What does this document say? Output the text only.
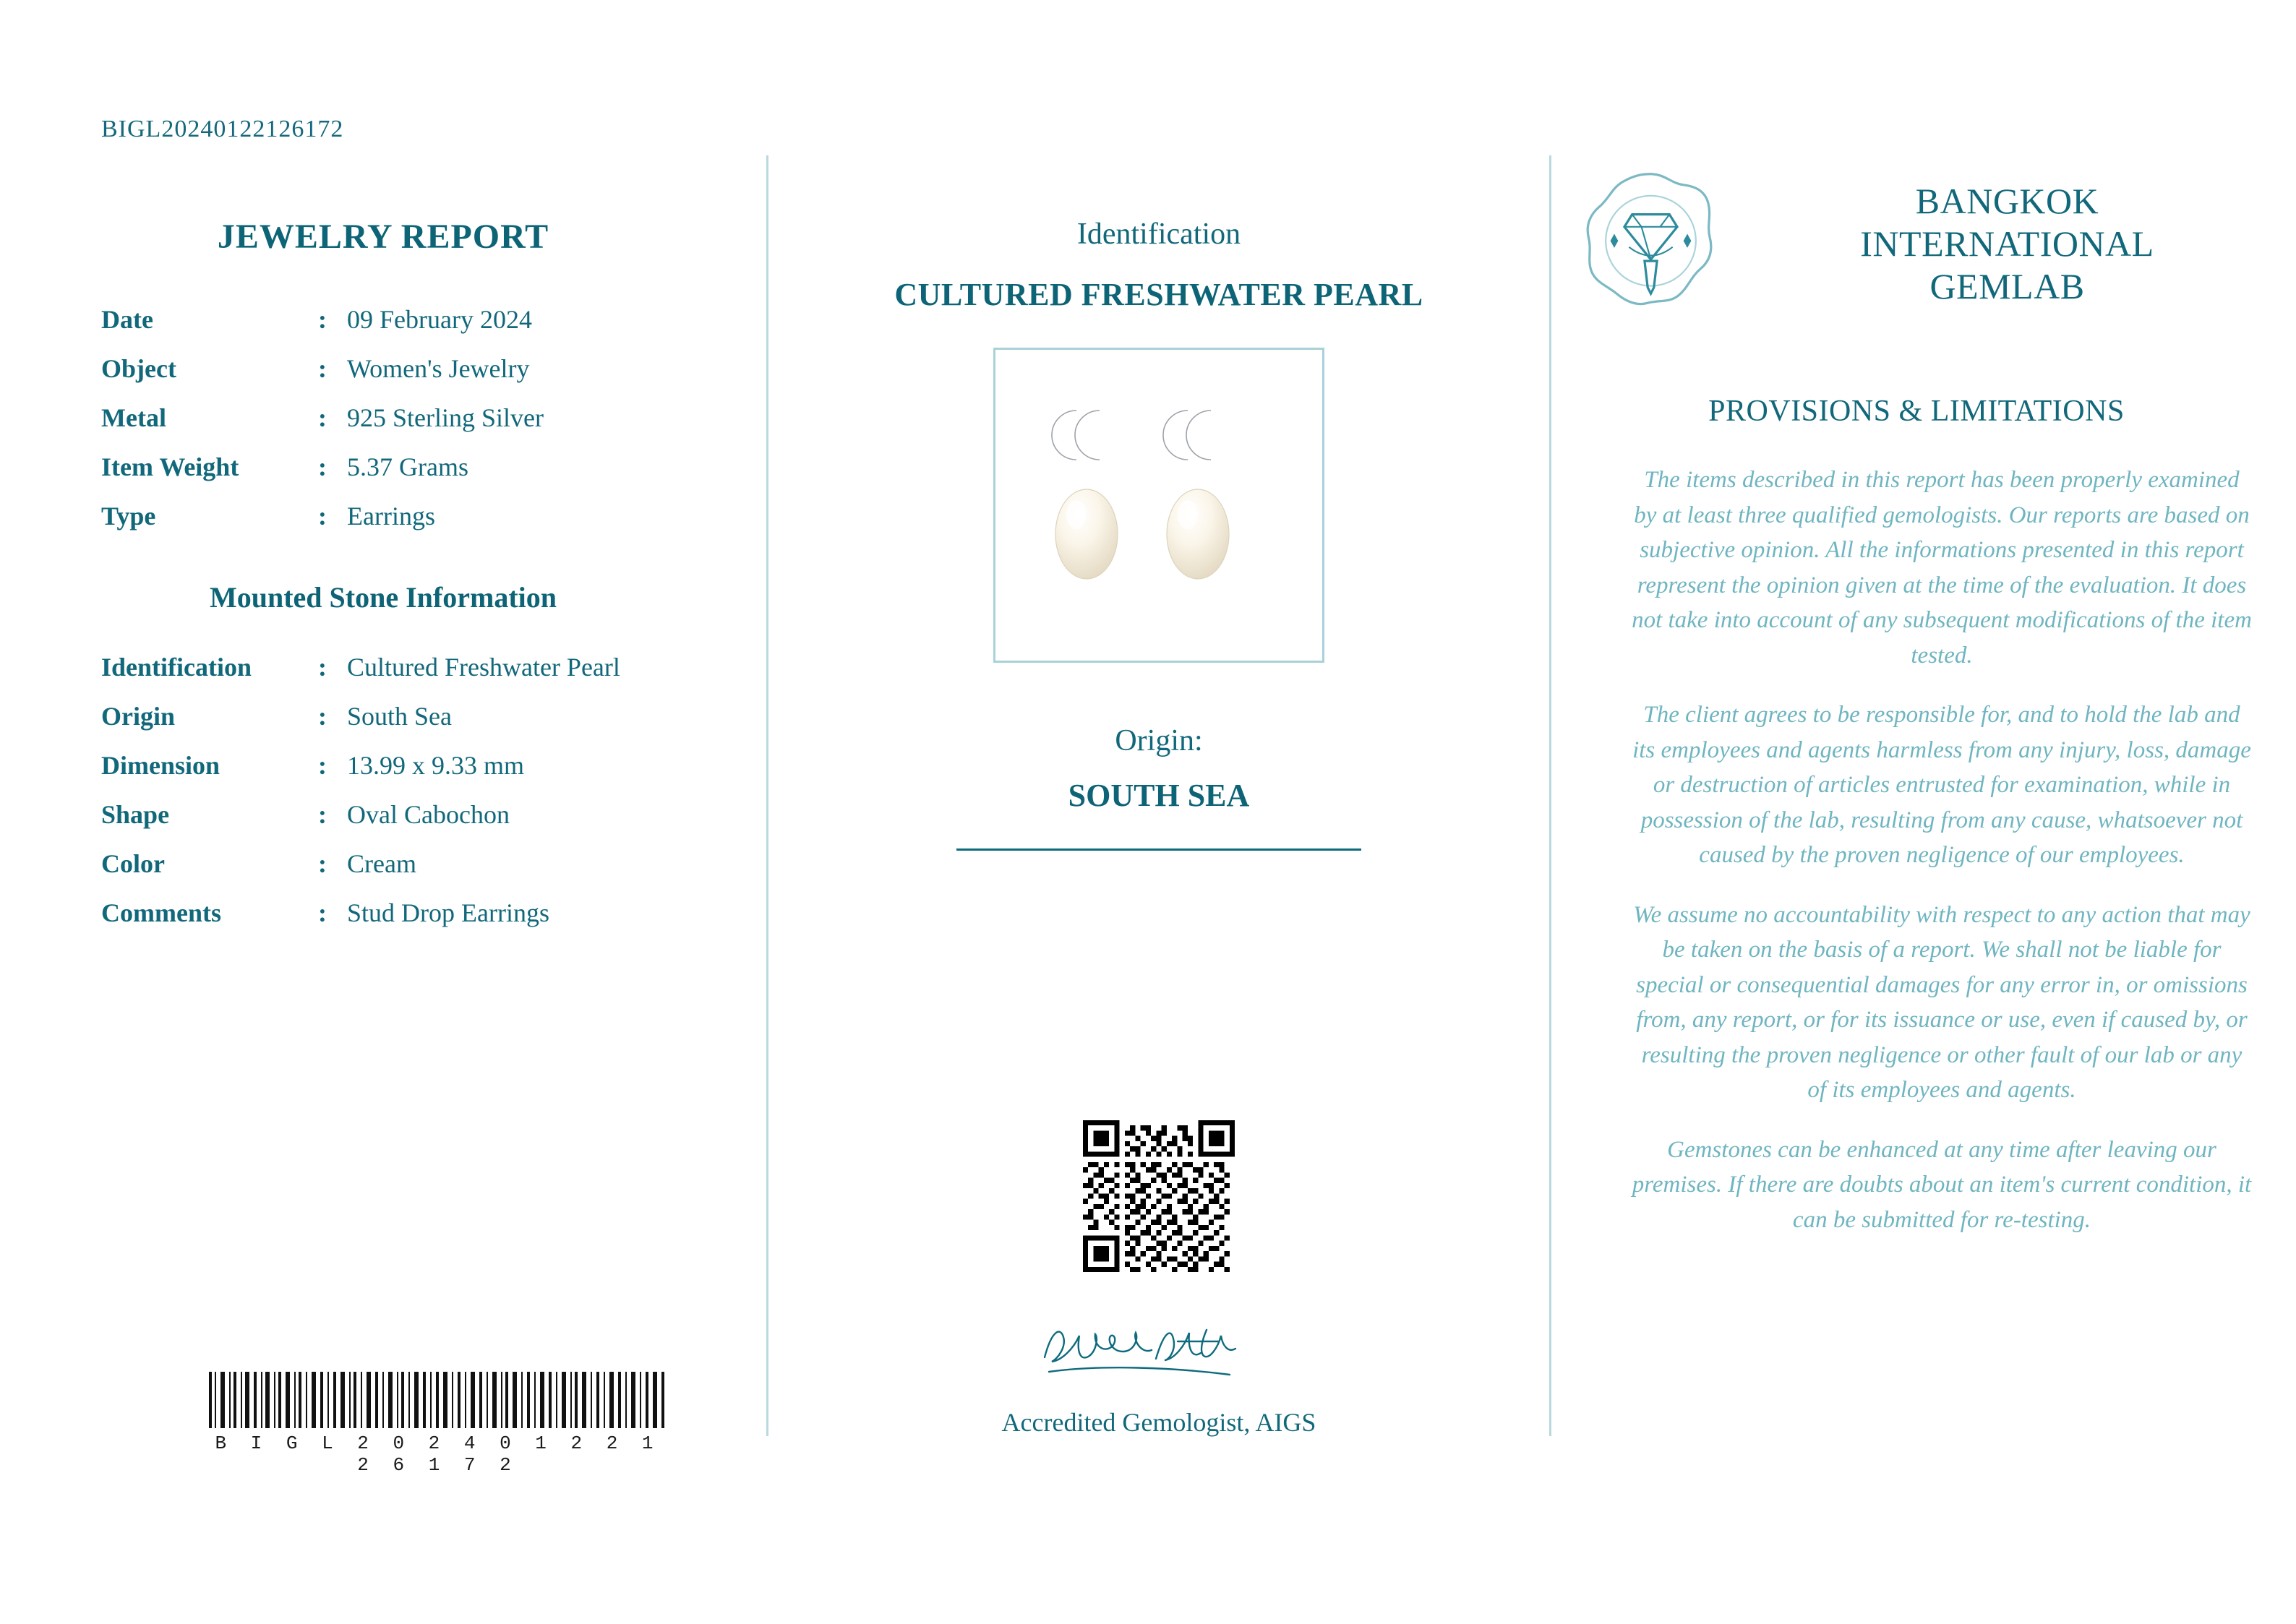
BIGL20240122126172
JEWELRY REPORT
Date	:	09 February 2024
Object	:	Women's Jewelry
Metal	:	925 Sterling Silver
Item Weight	:	5.37 Grams
Type	:	Earrings
Mounted Stone Information
Identification	:	Cultured Freshwater Pearl
Origin	:	South Sea
Dimension	:	13.99 x 9.33 mm
Shape	:	Oval Cabochon
Color	:	Cream
Comments	:	Stud Drop Earrings
B I G L 2 0 2 4 0 1 2 2 1 2 6 1 7 2
Identification
CULTURED FRESHWATER PEARL
Origin:
SOUTH SEA
Accredited Gemologist, AIGS
BANGKOK
INTERNATIONAL
GEMLAB
PROVISIONS & LIMITATIONS

The items described in this report has been properly examined by at least three qualified gemologists. Our reports are based on subjective opinion. All the informations presented in this report represent the opinion given at the time of the evaluation. It does not take into account of any subsequent modifications of the item tested.

The client agrees to be responsible for, and to hold the lab and its employees and agents harmless from any injury, loss, damage or destruction of articles entrusted for examination, while in possession of the lab, resulting from any cause, whatsoever not caused by the proven negligence of our employees.

We assume no accountability with respect to any action that may be taken on the basis of a report. We shall not be liable for special or consequential damages for any error in, or omissions from, any report, or for its issuance or use, even if caused by, or resulting the proven negligence or other fault of our lab or any of its employees and agents.

Gemstones can be enhanced at any time after leaving our premises. If there are doubts about an item's current condition, it can be submitted for re-testing.
